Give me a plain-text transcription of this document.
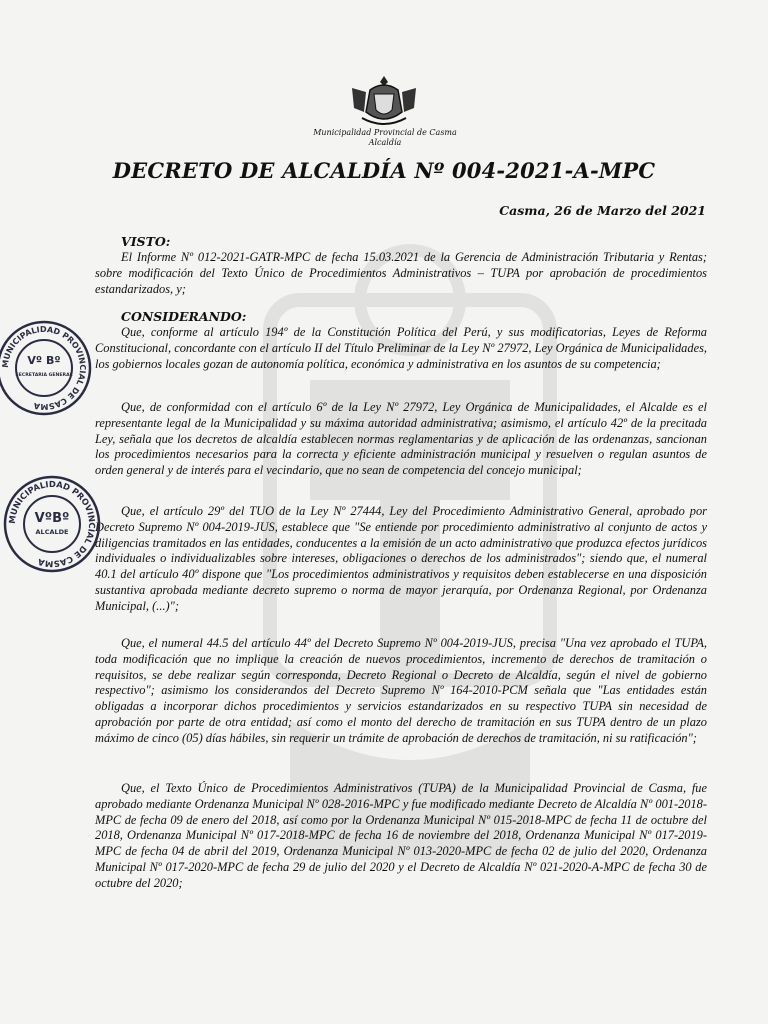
Municipalidad Provincial de Casma
Alcaldía
DECRETO DE ALCALDÍA Nº 004-2021-A-MPC
Casma, 26 de Marzo del 2021
VISTO:

El Informe Nº 012-2021-GATR-MPC de fecha 15.03.2021 de la Gerencia de Administración Tributaria y Rentas; sobre modificación del Texto Único de Procedimientos Administrativos – TUPA por aprobación de procedimientos estandarizados, y;

CONSIDERANDO:

Que, conforme al artículo 194º de la Constitución Política del Perú, y sus modificatorias, Leyes de Reforma Constitucional, concordante con el artículo II del Título Preliminar de la Ley Nº 27972, Ley Orgánica de Municipalidades, los gobiernos locales gozan de autonomía política, económica y administrativa en los asuntos de su competencia;

Que, de conformidad con el artículo 6º de la Ley Nº 27972, Ley Orgánica de Municipalidades, el Alcalde es el representante legal de la Municipalidad y su máxima autoridad administrativa; asimismo, el artículo 42º de la precitada Ley, señala que los decretos de alcaldía establecen normas reglamentarias y de aplicación de las ordenanzas, sancionan los procedimientos necesarios para la correcta y eficiente administración municipal y resuelven o regulan asuntos de orden general y de interés para el vecindario, que no sean de competencia del concejo municipal;

Que, el artículo 29º del TUO de la Ley Nº 27444, Ley del Procedimiento Administrativo General, aprobado por Decreto Supremo Nº 004-2019-JUS, establece que "Se entiende por procedimiento administrativo al conjunto de actos y diligencias tramitados en las entidades, conducentes a la emisión de un acto administrativo que produzca efectos jurídicos individuales o individualizables sobre intereses, obligaciones o derechos de los administrados"; siendo que, el numeral 40.1 del artículo 40º dispone que "Los procedimientos administrativos y requisitos deben establecerse en una disposición sustantiva aprobada mediante decreto supremo o norma de mayor jerarquía, por Ordenanza Regional, por Ordenanza Municipal, (...)";

Que, el numeral 44.5 del artículo 44º del Decreto Supremo Nº 004-2019-JUS, precisa "Una vez aprobado el TUPA, toda modificación que no implique la creación de nuevos procedimientos, incremento de derechos de tramitación o requisitos, se debe realizar según corresponda, Decreto Regional o Decreto de Alcaldía, según el nivel de gobierno respectivo"; asimismo los considerandos del Decreto Supremo Nº 164-2010-PCM señala que "Las entidades están obligadas a incorporar dichos procedimientos y servicios estandarizados en su respectivo TUPA sin necesidad de aprobación por parte de otra entidad; así como el monto del derecho de tramitación en sus TUPA dentro de un plazo máximo de cinco (05) días hábiles, sin requerir un trámite de aprobación de derechos de tramitación, ni su ratificación";

Que, el Texto Único de Procedimientos Administrativos (TUPA) de la Municipalidad Provincial de Casma, fue aprobado mediante Ordenanza Municipal Nº 028-2016-MPC y fue modificado mediante Decreto de Alcaldía Nº 001-2018-MPC de fecha 09 de enero del 2018, así como por la Ordenanza Municipal Nº 015-2018-MPC de fecha 11 de octubre del 2018, Ordenanza Municipal Nº 017-2018-MPC de fecha 16 de noviembre del 2018, Ordenanza Municipal Nº 017-2019-MPC de fecha 04 de abril del 2019, Ordenanza Municipal Nº 013-2020-MPC de fecha 02 de julio del 2020, Ordenanza Municipal Nº 017-2020-MPC de fecha 29 de julio del 2020 y el Decreto de Alcaldía Nº 021-2020-A-MPC de fecha 30 de octubre del 2020;

MUNICIPALIDAD PROVINCIAL DE CASMA
Vº Bº
SECRETARIA GENERAL
MUNICIPALIDAD PROVINCIAL DE CASMA
VºBº
ALCALDE
